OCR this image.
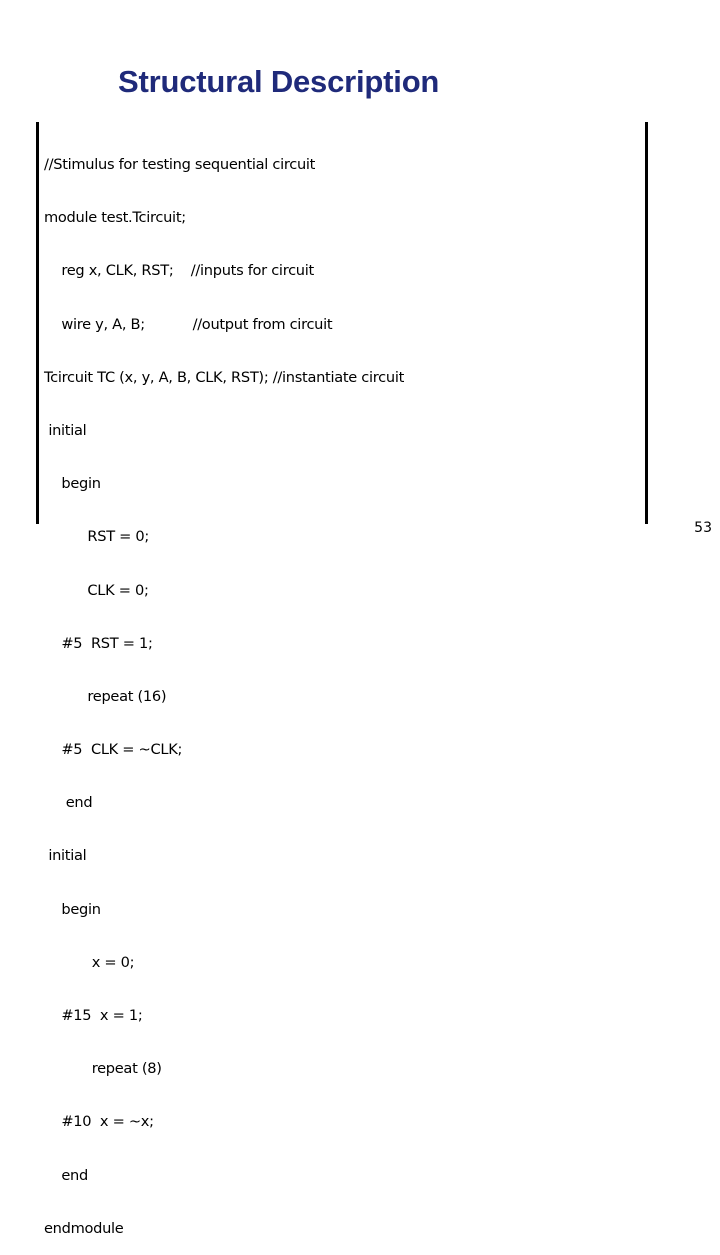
Structural Description

//Stimulus for testing sequential circuit

module test.Tcircuit;

reg x, CLK, RST;    //inputs for circuit

wire y, A, B;           //output from circuit

Tcircuit TC (x, y, A, B, CLK, RST); //instantiate circuit

initial

begin

RST = 0;

CLK = 0;

#5  RST = 1;

repeat (16)

#5  CLK = ~CLK;

end

initial

begin

x = 0;

#15  x = 1;

repeat (8)

#10  x = ~x;

end

endmodule

53
